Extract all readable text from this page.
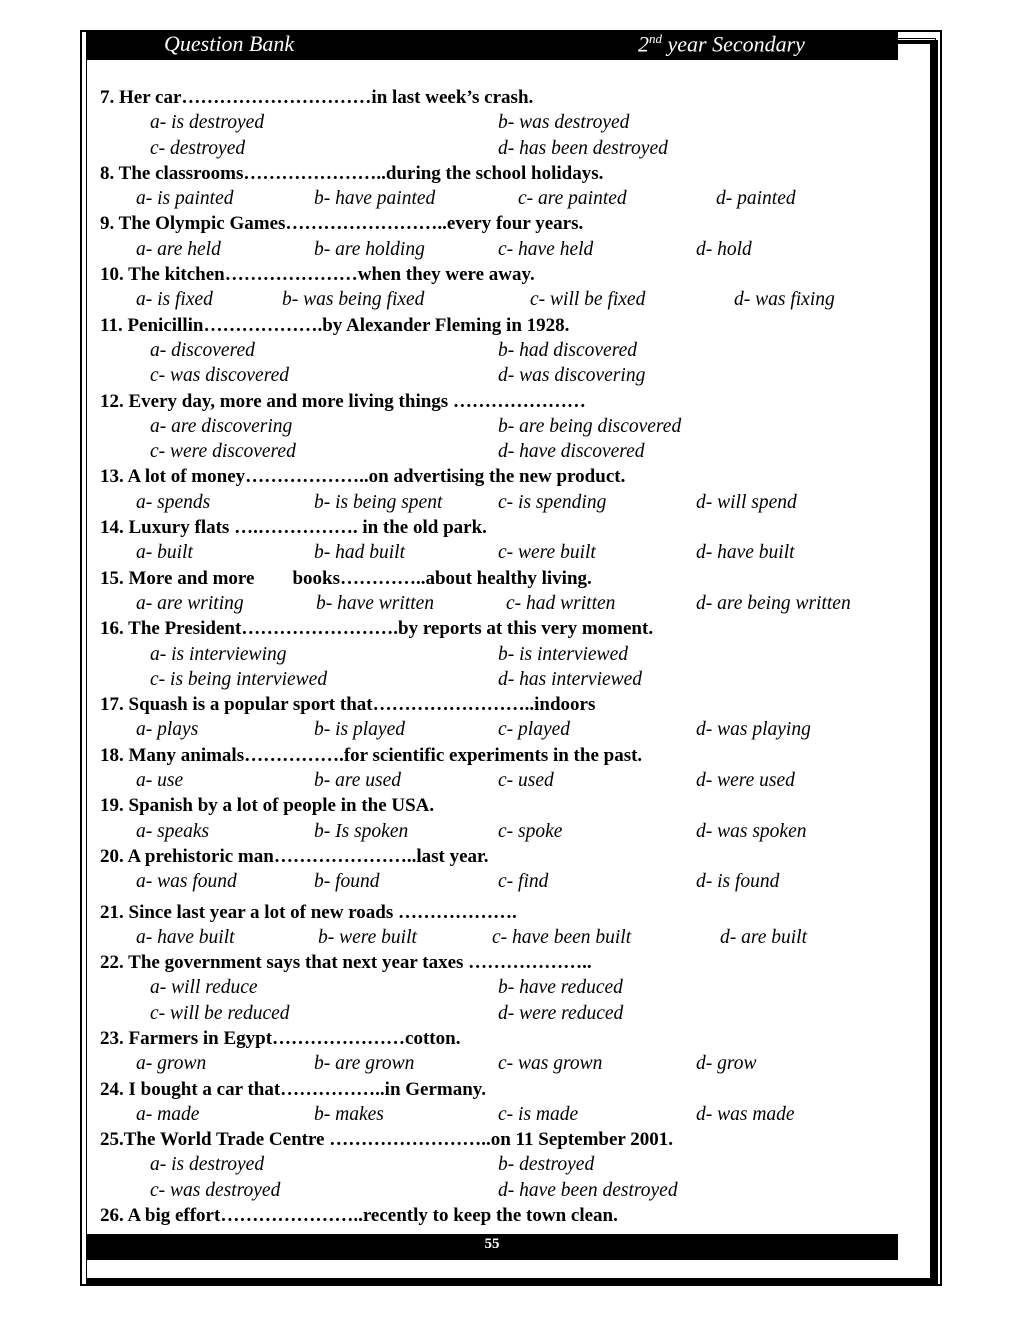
Question Bank	2nd year Secondary
7. Her car…………………………in last week’s crash.
a- is destroyed	b- was destroyed
c- destroyed	d- has been destroyed
8. The classrooms…………………..during the school holidays.
a- is painted	b- have painted	c- are painted	d- painted
9. The Olympic Games……………………..every four years.
a- are held	b- are holding	c- have held	d- hold
10. The kitchen…………………when they were away.
a- is fixed	b- was being fixed	c- will be fixed	d- was fixing
11. Penicillin……………….by Alexander Fleming in 1928.
a- discovered	b- had discovered
c- was discovered	d- was discovering
12. Every day, more and more living things …………………
a- are discovering	b- are being discovered
c- were discovered	d- have discovered
13. A lot of money………………..on advertising the new product.
a- spends	b- is being spent	c- is spending	d- will spend
14. Luxury flats ….……………. in the old park.
a- built	b- had built	c- were built	d- have built
15. More and more        books…………..about healthy living.
a- are writing	b- have written	c- had written	d- are being written
16. The President…………………….by reports at this very moment.
a- is interviewing	b- is interviewed
c- is being interviewed	d- has interviewed
17. Squash is a popular sport that……………………..indoors
a- plays	b- is played	c- played	d- was playing
18. Many animals…………….for scientific experiments in the past.
a- use	b- are used	c- used	d- were used
19. Spanish by a lot of people in the USA.
a- speaks	b- Is spoken	c- spoke	d- was spoken
20. A prehistoric man…………………..last year.
a- was found	b- found	c- find	d- is found
21. Since last year a lot of new roads ……………….
a- have built	b- were built	c- have been built	d- are built
22. The government says that next year taxes ………………..
a- will reduce	b- have reduced
c- will be reduced	d- were reduced
23. Farmers in Egypt…………………cotton.
a- grown	b- are grown	c- was grown	d- grow
24. I bought a car that……………..in Germany.
a- made	b- makes	c- is made	d- was made
25.The World Trade Centre ……………………..on 11 September 2001.
a- is destroyed	b- destroyed
c- was destroyed	d- have been destroyed
26. A big effort…………………..recently to keep the town clean.
55
